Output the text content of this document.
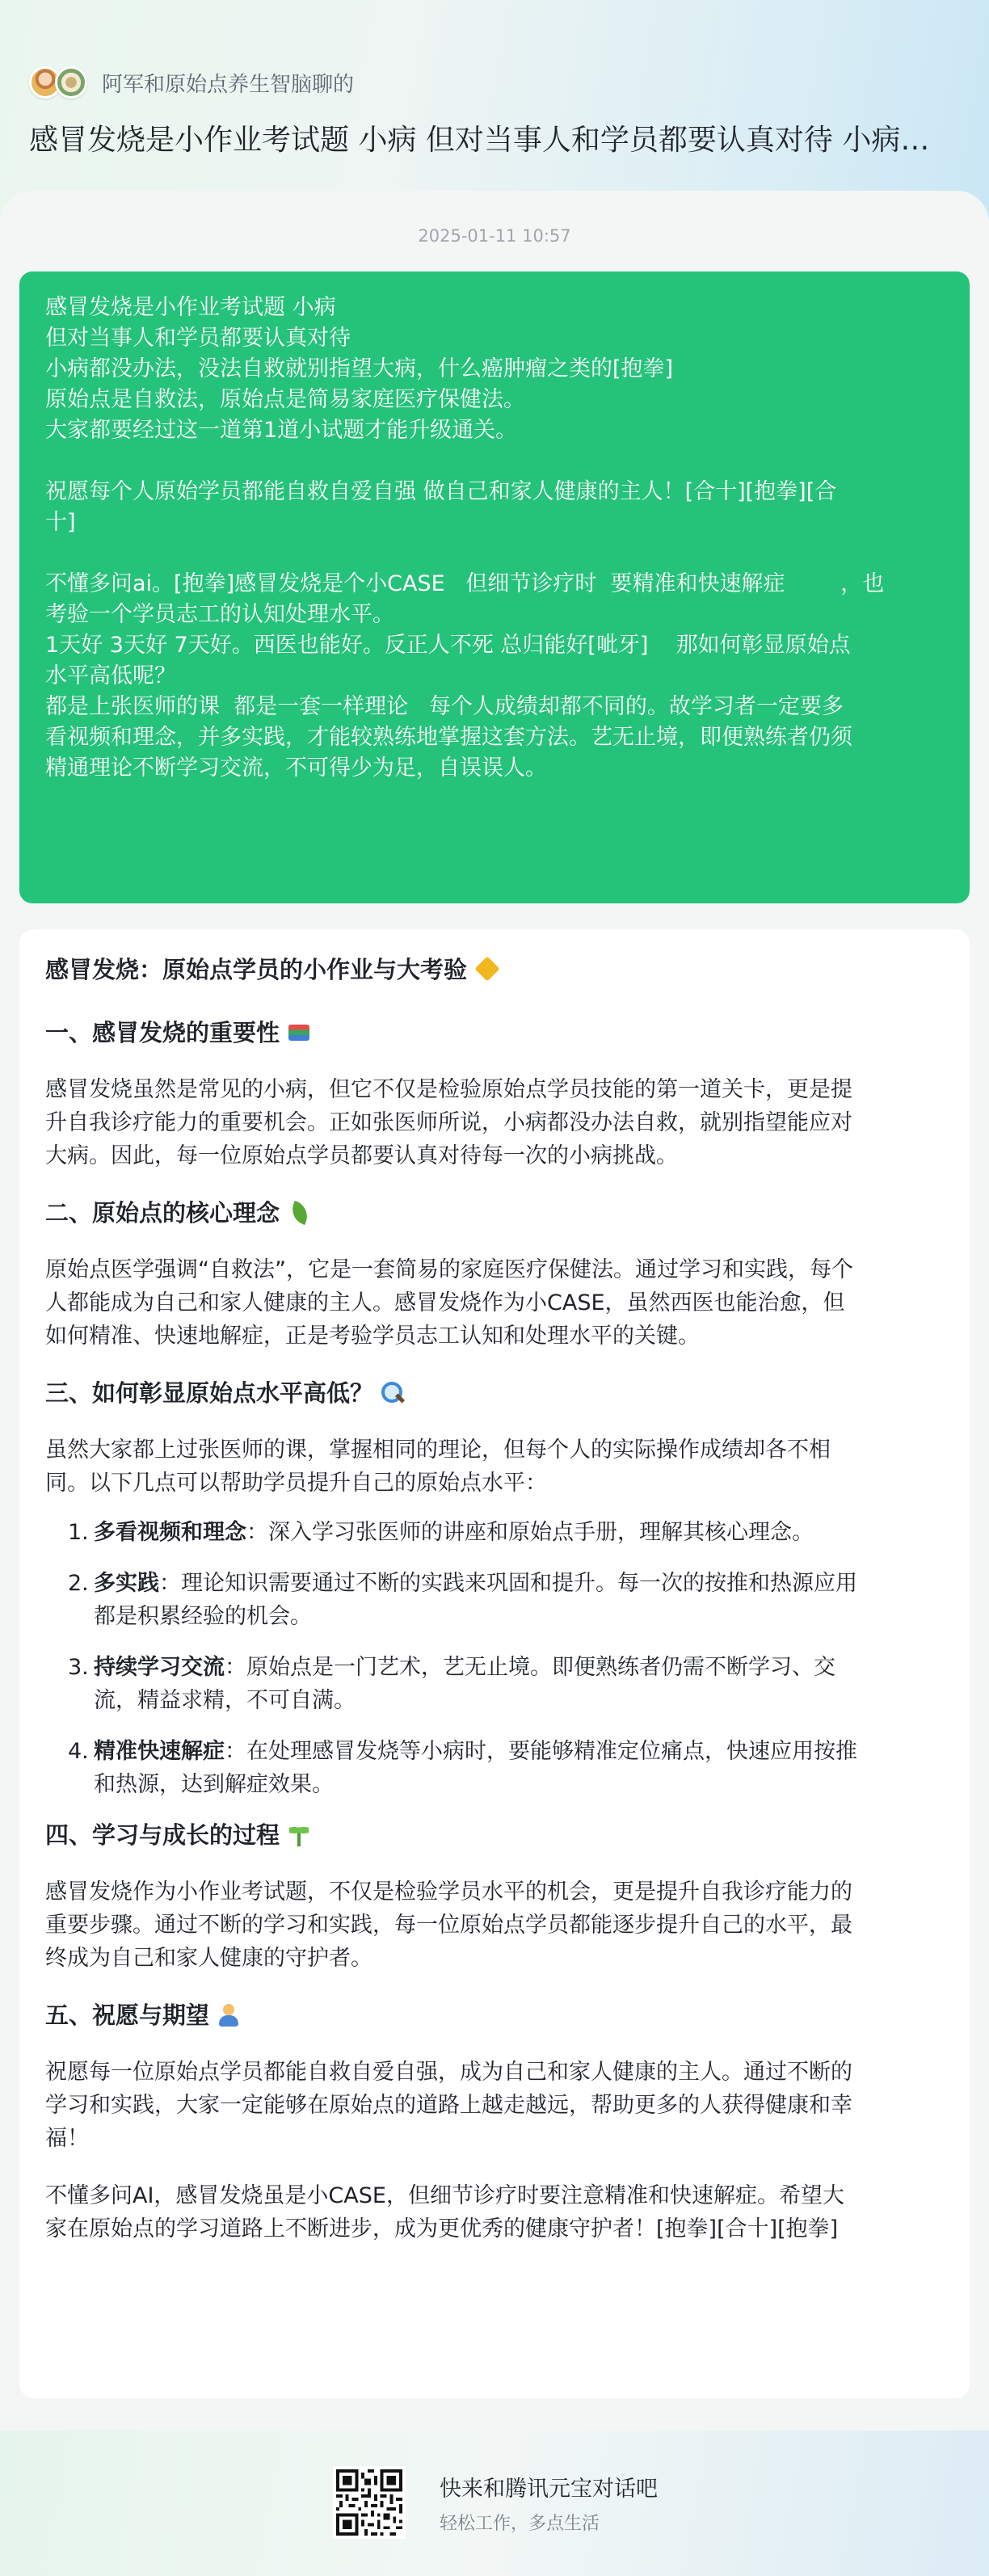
阿军和原始点养生智脑聊的
感冒发烧是小作业考试题 小病 但对当事人和学员都要认真对待 小病都…
2025-01-11 10:57
感冒发烧是小作业考试题 小病
但对当事人和学员都要认真对待
小病都没办法，没法自救就别指望大病，什么癌肿瘤之类的[抱拳]
原始点是自救法，原始点是简易家庭医疗保健法。
大家都要经过这一道第1道小试题才能升级通关。
祝愿每个人原始学员都能自救自爱自强 做自己和家人健康的主人！[合十][抱拳][合
十]
不懂多问ai。[抱拳]感冒发烧是个小CASE   但细节诊疗时  要精准和快速解症        ，也
考验一个学员志工的认知处理水平。
1天好 3天好 7天好。西医也能好。反正人不死 总归能好[呲牙]    那如何彰显原始点
水平高低呢？
都是上张医师的课  都是一套一样理论   每个人成绩却都不同的。故学习者一定要多
看视频和理念，并多实践，才能较熟练地掌握这套方法。艺无止境，即便熟练者仍须
精通理论不断学习交流，不可得少为足，自误误人。
感冒发烧：原始点学员的小作业与大考验
一、感冒发烧的重要性
感冒发烧虽然是常见的小病，但它不仅是检验原始点学员技能的第一道关卡，更是提
升自我诊疗能力的重要机会。正如张医师所说，小病都没办法自救，就别指望能应对
大病。因此，每一位原始点学员都要认真对待每一次的小病挑战。
二、原始点的核心理念
原始点医学强调“自救法”，它是一套简易的家庭医疗保健法。通过学习和实践，每个
人都能成为自己和家人健康的主人。感冒发烧作为小CASE，虽然西医也能治愈，但
如何精准、快速地解症，正是考验学员志工认知和处理水平的关键。
三、如何彰显原始点水平高低？
虽然大家都上过张医师的课，掌握相同的理论，但每个人的实际操作成绩却各不相
同。以下几点可以帮助学员提升自己的原始点水平：
1. 多看视频和理念：深入学习张医师的讲座和原始点手册，理解其核心理念。
2. 多实践：理论知识需要通过不断的实践来巩固和提升。每一次的按推和热源应用
都是积累经验的机会。
3. 持续学习交流：原始点是一门艺术，艺无止境。即便熟练者仍需不断学习、交
流，精益求精，不可自满。
4. 精准快速解症：在处理感冒发烧等小病时，要能够精准定位痛点，快速应用按推
和热源，达到解症效果。
四、学习与成长的过程
感冒发烧作为小作业考试题，不仅是检验学员水平的机会，更是提升自我诊疗能力的
重要步骤。通过不断的学习和实践，每一位原始点学员都能逐步提升自己的水平，最
终成为自己和家人健康的守护者。
五、祝愿与期望
祝愿每一位原始点学员都能自救自爱自强，成为自己和家人健康的主人。通过不断的
学习和实践，大家一定能够在原始点的道路上越走越远，帮助更多的人获得健康和幸
福！
不懂多问AI，感冒发烧虽是小CASE，但细节诊疗时要注意精准和快速解症。希望大
家在原始点的学习道路上不断进步，成为更优秀的健康守护者！[抱拳][合十][抱拳]
快来和腾讯元宝对话吧
轻松工作，多点生活
